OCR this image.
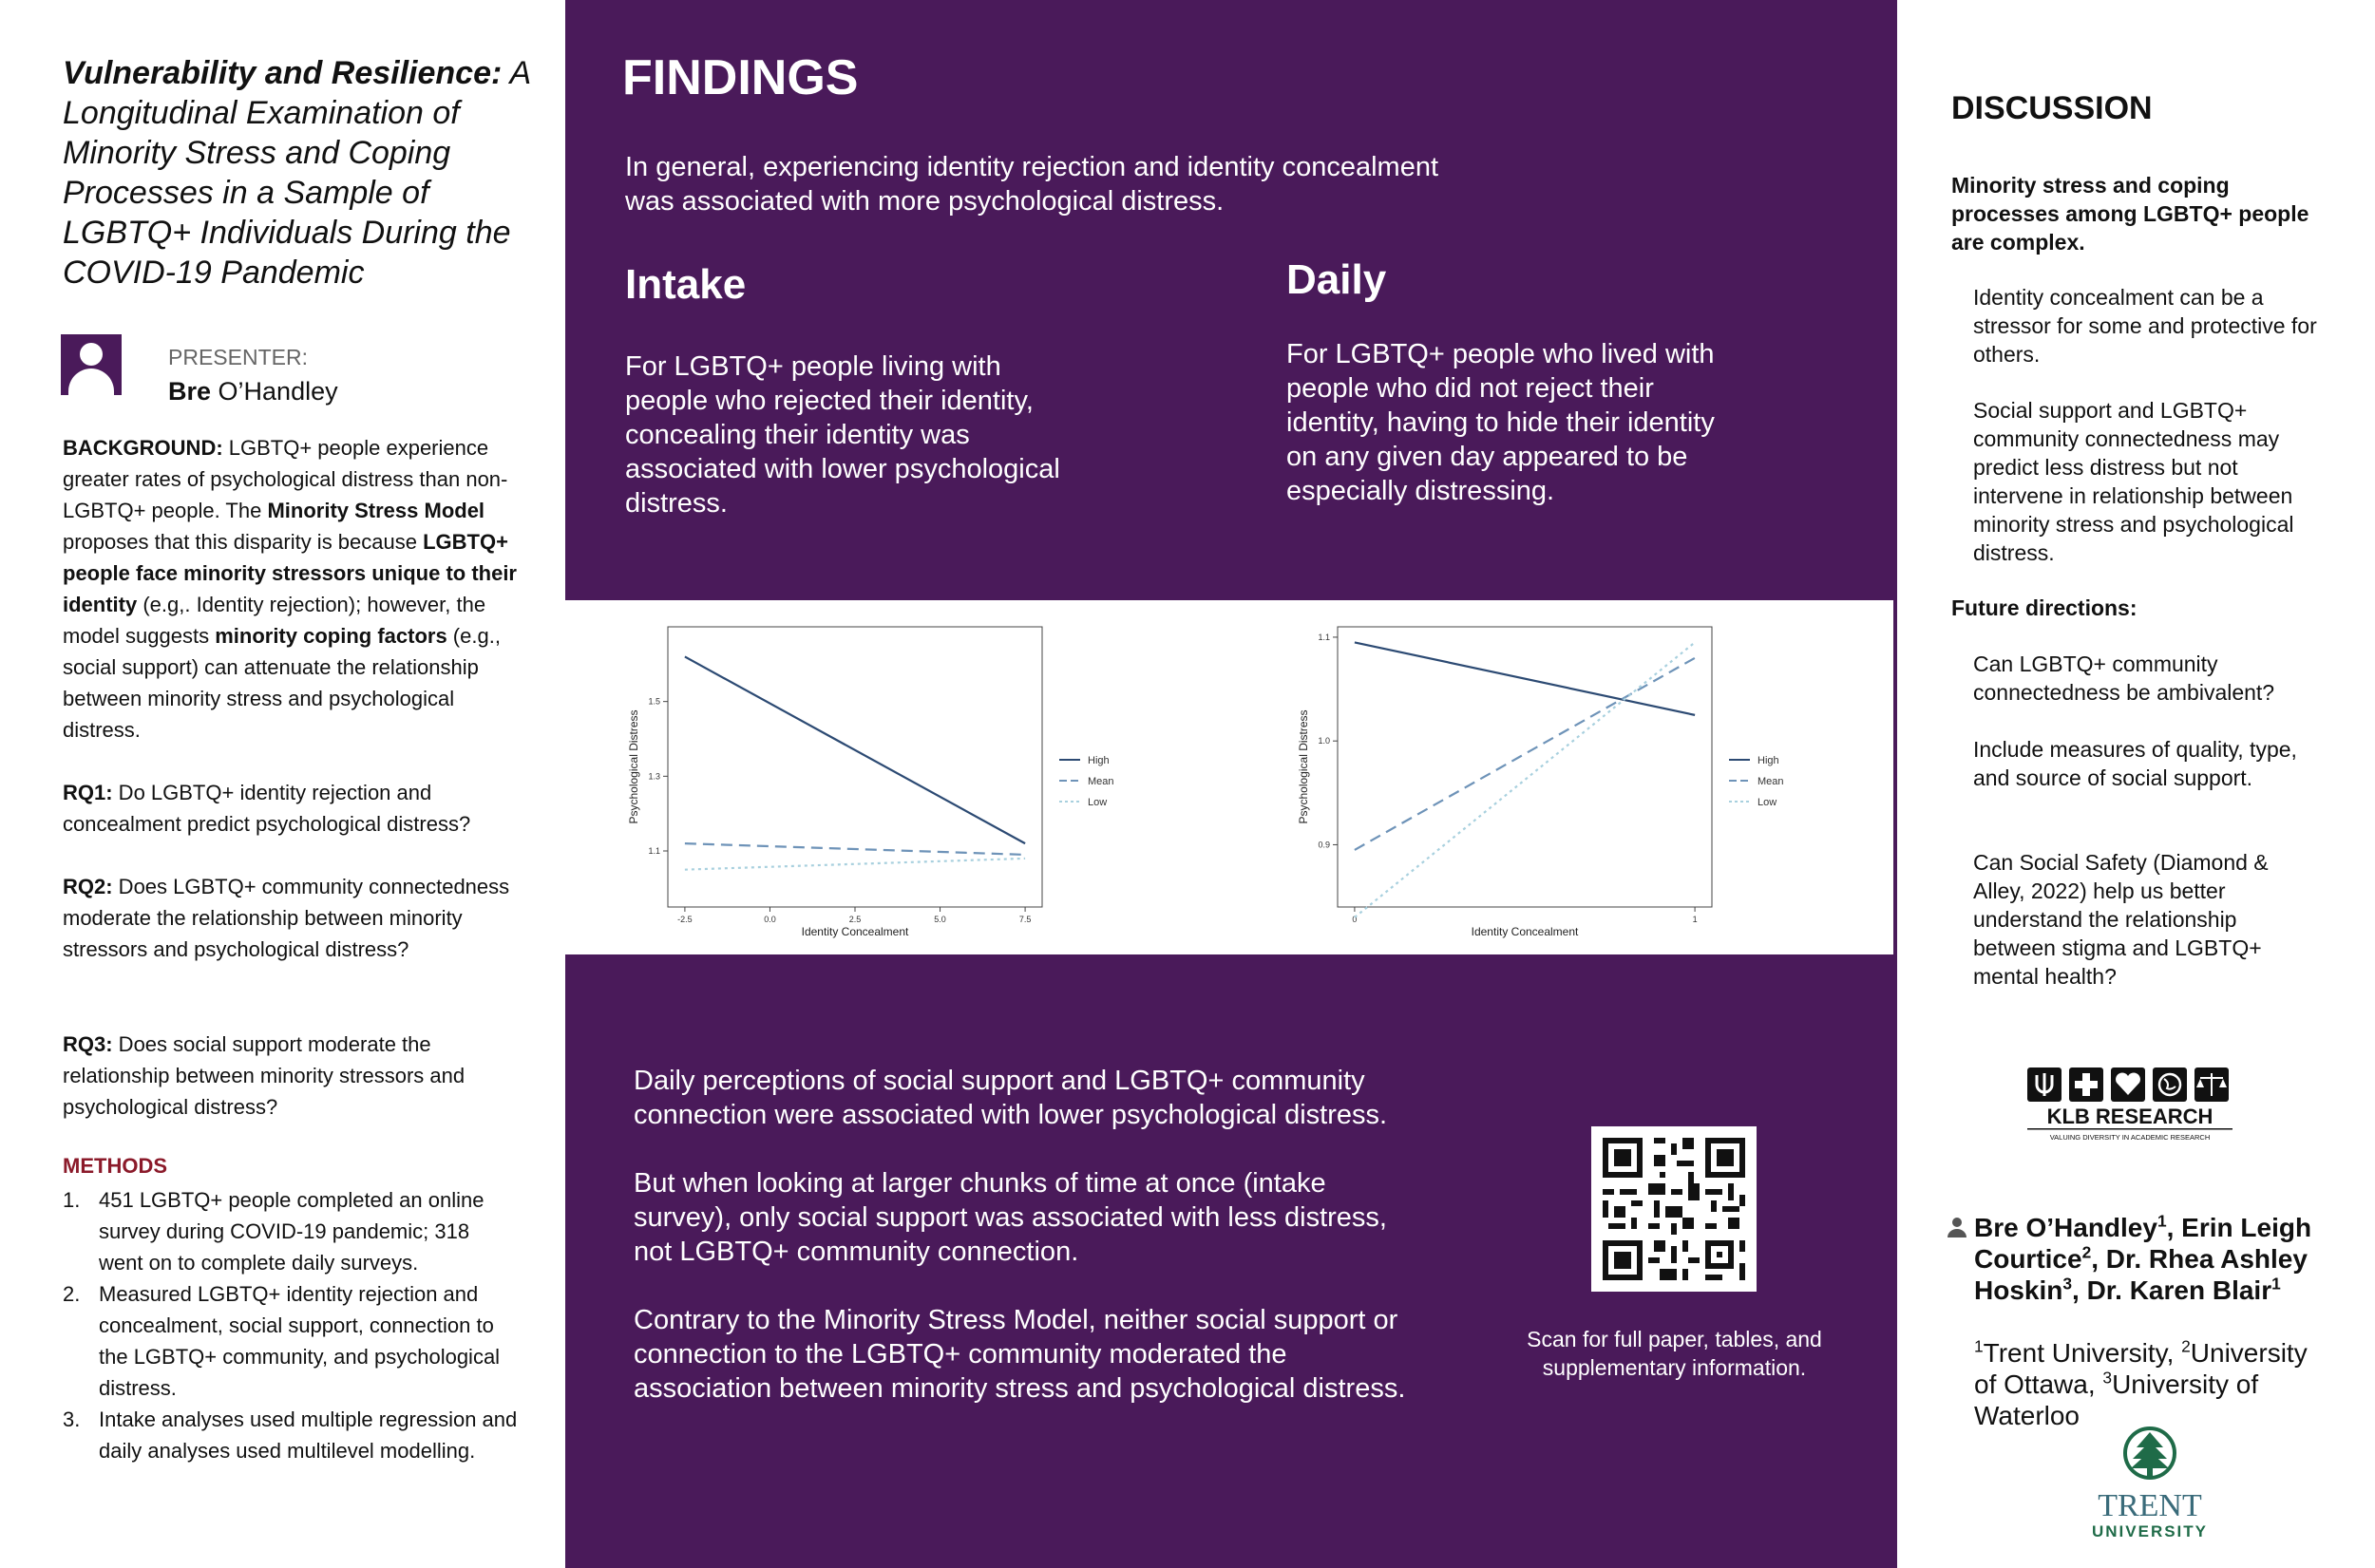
Vulnerability and Resilience: A Longitudinal Examination of Minority Stress and Coping Processes in a Sample of LGBTQ+ Individuals During the COVID-19 Pandemic
PRESENTER:
Bre O’Handley
BACKGROUND: LGBTQ+ people experience greater rates of psychological distress than non-LGBTQ+ people. The Minority Stress Model proposes that this disparity is because LGBTQ+ people face minority stressors unique to their identity (e.g,. Identity rejection); however, the model suggests minority coping factors (e.g., social support) can attenuate the relationship between minority stress and psychological distress.
RQ1: Do LGBTQ+ identity rejection and concealment predict psychological distress?
RQ2: Does LGBTQ+ community connectedness moderate the relationship between minority stressors and psychological distress?
RQ3: Does social support moderate the relationship between minority stressors and psychological distress?
METHODS
1. 451 LGBTQ+ people completed an online survey during COVID-19 pandemic; 318 went on to complete daily surveys.
2. Measured LGBTQ+ identity rejection and concealment, social support, connection to the LGBTQ+ community, and psychological distress.
3. Intake analyses used multiple regression and daily analyses used multilevel modelling.
FINDINGS
In general, experiencing identity rejection and identity concealment was associated with more psychological distress.
Intake	Daily
For LGBTQ+ people living with people who rejected their identity, concealing their identity was associated with lower psychological distress.
For LGBTQ+ people who lived with people who did not reject their identity, having to hide their identity on any given day appeared to be especially distressing.
-2.5	0.0	2.5	5.0	7.5
1.1
1.3
1.5
Identity Concealment
Psychological Distress	High
Mean
Low
0	1
0.9
1.0
1.1
Identity Concealment
Psychological Distress	High
Mean
Low

Daily perceptions of social support and LGBTQ+ community connection were associated with lower psychological distress.

But when looking at larger chunks of time at once (intake survey), only social support was associated with less distress, not LGBTQ+ community connection.

Contrary to the Minority Stress Model, neither social support or connection to the LGBTQ+ community moderated the association between minority stress and psychological distress.

Scan for full paper, tables, and supplementary information.
DISCUSSION
Minority stress and coping processes among LGBTQ+ people are complex.
Identity concealment can be a stressor for some and protective for others.
Social support and LGBTQ+ community connectedness may predict less distress but not intervene in relationship between minority stress and psychological distress.
Future directions:
Can LGBTQ+ community connectedness be ambivalent?
Include measures of quality, type, and source of social support.
Can Social Safety (Diamond & Alley, 2022) help us better understand the relationship between stigma and LGBTQ+ mental health?
KLB RESEARCH
VALUING DIVERSITY IN ACADEMIC RESEARCH
Bre O’Handley$^1$, Erin Leigh Courtice$^2$, Dr. Rhea Ashley Hoskin$^3$, Dr. Karen Blair$^1$
$^1$Trent University, $^2$University of Ottawa, $^3$University of Waterloo
TRENT
UNIVERSITY
